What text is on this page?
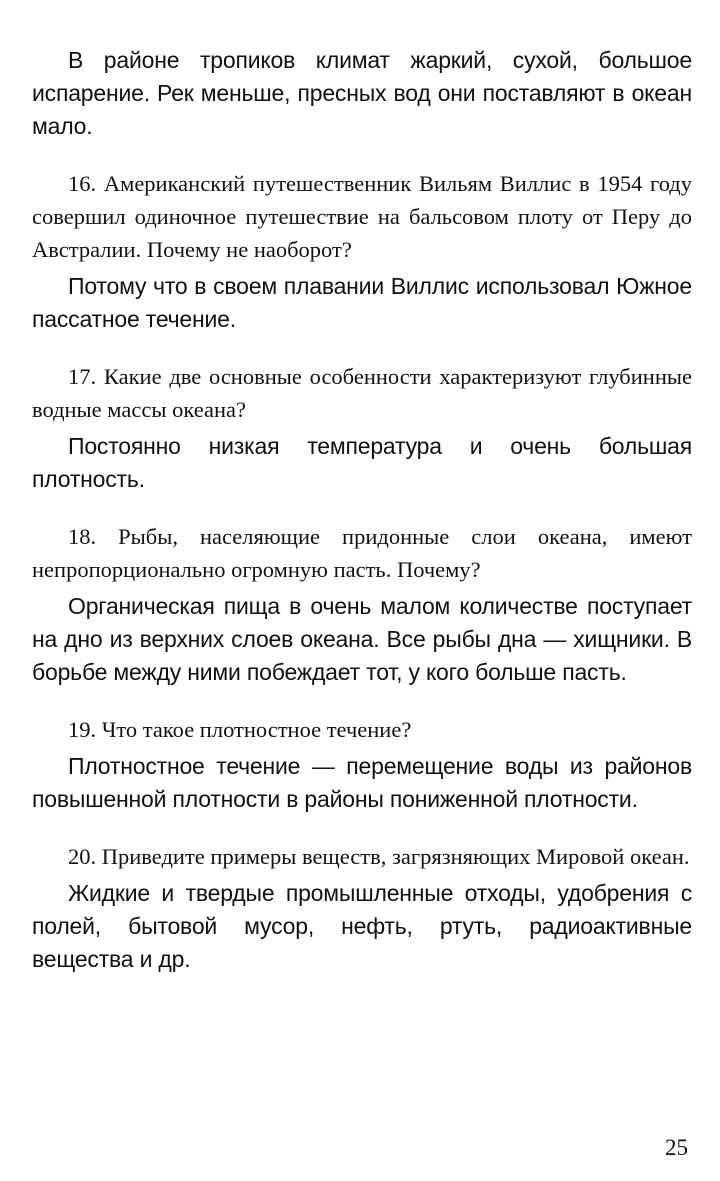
В районе тропиков климат жаркий, сухой, большое испарение. Рек меньше, пресных вод они поставляют в океан мало.

16. Американский путешественник Вильям Виллис в 1954 году совершил одиночное путешествие на бальсовом плоту от Перу до Австралии. Почему не наоборот?

Потому что в своем плавании Виллис использовал Южное пассатное течение.

17. Какие две основные особенности характеризуют глубинные водные массы океана?

Постоянно низкая температура и очень большая плотность.

18. Рыбы, населяющие придонные слои океана, имеют непропорционально огромную пасть. Почему?

Органическая пища в очень малом количестве поступает на дно из верхних слоев океана. Все рыбы дна — хищники. В борьбе между ними побеждает тот, у кого больше пасть.

19. Что такое плотностное течение?

Плотностное течение — перемещение воды из районов повышенной плотности в районы пониженной плотности.

20. Приведите примеры веществ, загрязняющих Мировой океан.

Жидкие и твердые промышленные отходы, удобрения с полей, бытовой мусор, нефть, ртуть, радиоактивные вещества и др.

25
